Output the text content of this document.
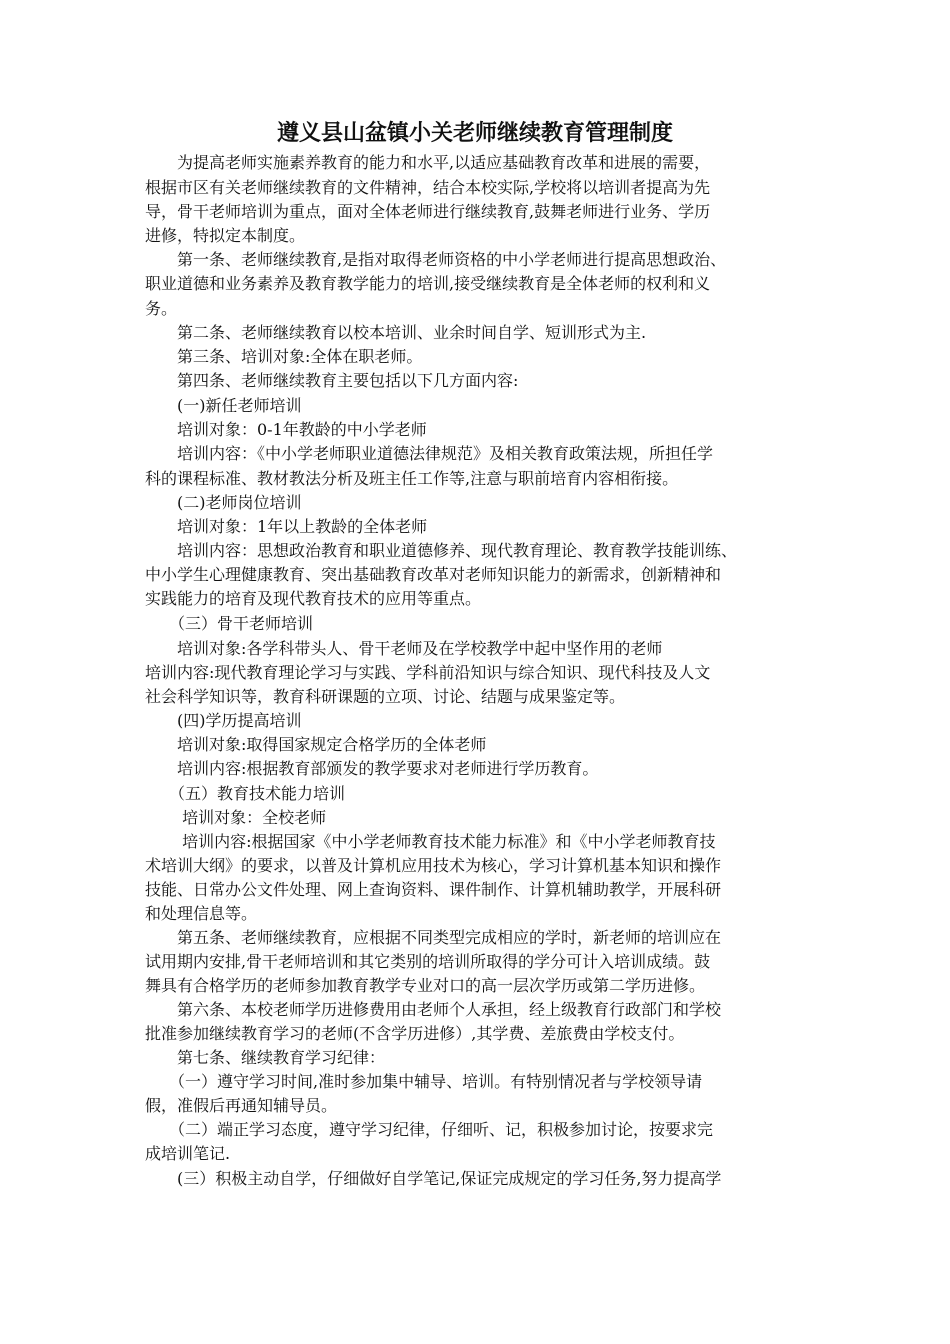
遵义县山盆镇小关老师继续教育管理制度
　　为提高老师实施素养教育的能力和水平,以适应基础教育改革和进展的需要，
根据市区有关老师继续教育的文件精神，结合本校实际,学校将以培训者提高为先
导，骨干老师培训为重点，面对全体老师进行继续教育,鼓舞老师进行业务、学历
进修，特拟定本制度。
　　第一条、老师继续教育,是指对取得老师资格的中小学老师进行提高思想政治、
职业道德和业务素养及教育教学能力的培训,接受继续教育是全体老师的权利和义
务。
　　第二条、老师继续教育以校本培训、业余时间自学、短训形式为主.
　　第三条、培训对象:全体在职老师。
　　第四条、老师继续教育主要包括以下几方面内容:
　　(一)新任老师培训
　　培训对象：0-1年教龄的中小学老师
　　培训内容：《中小学老师职业道德法律规范》及相关教育政策法规，所担任学
科的课程标准、教材教法分析及班主任工作等,注意与职前培育内容相衔接。
　　(二)老师岗位培训
　　培训对象：1年以上教龄的全体老师
　　培训内容：思想政治教育和职业道德修养、现代教育理论、教育教学技能训练、
中小学生心理健康教育、突出基础教育改革对老师知识能力的新需求，创新精神和
实践能力的培育及现代教育技术的应用等重点。
　　（三）骨干老师培训
　　培训对象:各学科带头人、骨干老师及在学校教学中起中坚作用的老师
培训内容:现代教育理论学习与实践、学科前沿知识与综合知识、现代科技及人文
社会科学知识等，教育科研课题的立项、讨论、结题与成果鉴定等。
　　(四)学历提高培训
　　培训对象:取得国家规定合格学历的全体老师
　　培训内容:根据教育部颁发的教学要求对老师进行学历教育。
　　（五）教育技术能力培训
　　 培训对象：全校老师
　　 培训内容:根据国家《中小学老师教育技术能力标准》和《中小学老师教育技
术培训大纲》的要求，以普及计算机应用技术为核心，学习计算机基本知识和操作
技能、日常办公文件处理、网上查询资料、课件制作、计算机辅助教学，开展科研
和处理信息等。
　　第五条、老师继续教育，应根据不同类型完成相应的学时，新老师的培训应在
试用期内安排,骨干老师培训和其它类别的培训所取得的学分可计入培训成绩。鼓
舞具有合格学历的老师参加教育教学专业对口的高一层次学历或第二学历进修。
　　第六条、本校老师学历进修费用由老师个人承担，经上级教育行政部门和学校
批准参加继续教育学习的老师(不含学历进修）,其学费、差旅费由学校支付。
　　第七条、继续教育学习纪律：
　　（一）遵守学习时间,准时参加集中辅导、培训。有特别情况者与学校领导请
假，准假后再通知辅导员。
　　（二）端正学习态度，遵守学习纪律，仔细听、记，积极参加讨论，按要求完
成培训笔记.
　　(三）积极主动自学，仔细做好自学笔记,保证完成规定的学习任务,努力提高学
